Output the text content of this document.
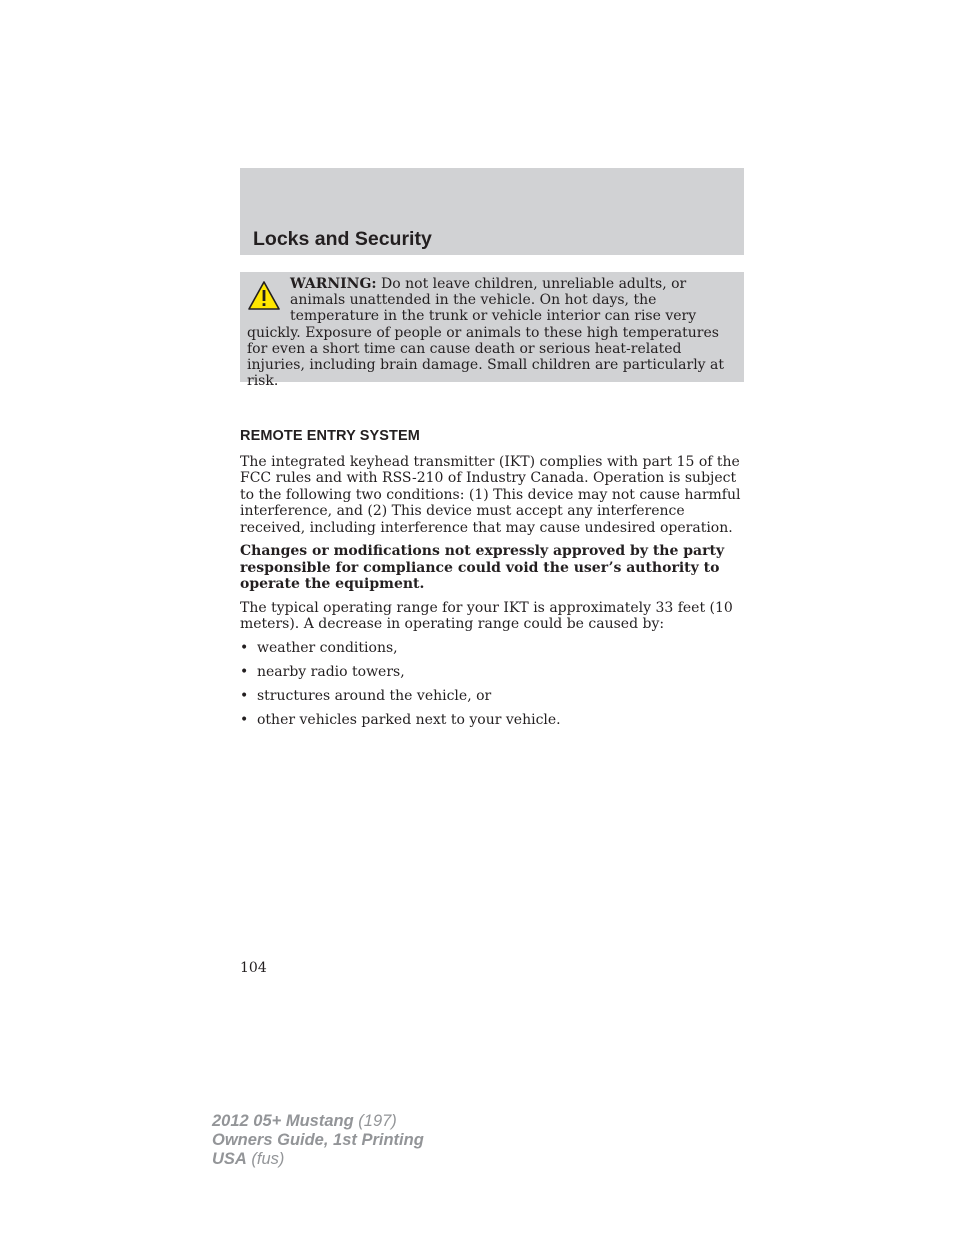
Locks and Security
WARNING: Do not leave children, unreliable adults, or animals unattended in the vehicle. On hot days, the temperature in the trunk or vehicle interior can rise very quickly. Exposure of people or animals to these high temperatures for even a short time can cause death or serious heat-related injuries, including brain damage. Small children are particularly at risk.
REMOTE ENTRY SYSTEM

The integrated keyhead transmitter (IKT) complies with part 15 of the FCC rules and with RSS-210 of Industry Canada. Operation is subject to the following two conditions: (1) This device may not cause harmful interference, and (2) This device must accept any interference received, including interference that may cause undesired operation.

Changes or modifications not expressly approved by the party responsible for compliance could void the user’s authority to operate the equipment.

The typical operating range for your IKT is approximately 33 feet (10 meters). A decrease in operating range could be caused by:

• weather conditions,
• nearby radio towers,
• structures around the vehicle, or
• other vehicles parked next to your vehicle.
104
2012 05+ Mustang (197)
Owners Guide, 1st Printing
USA (fus)
